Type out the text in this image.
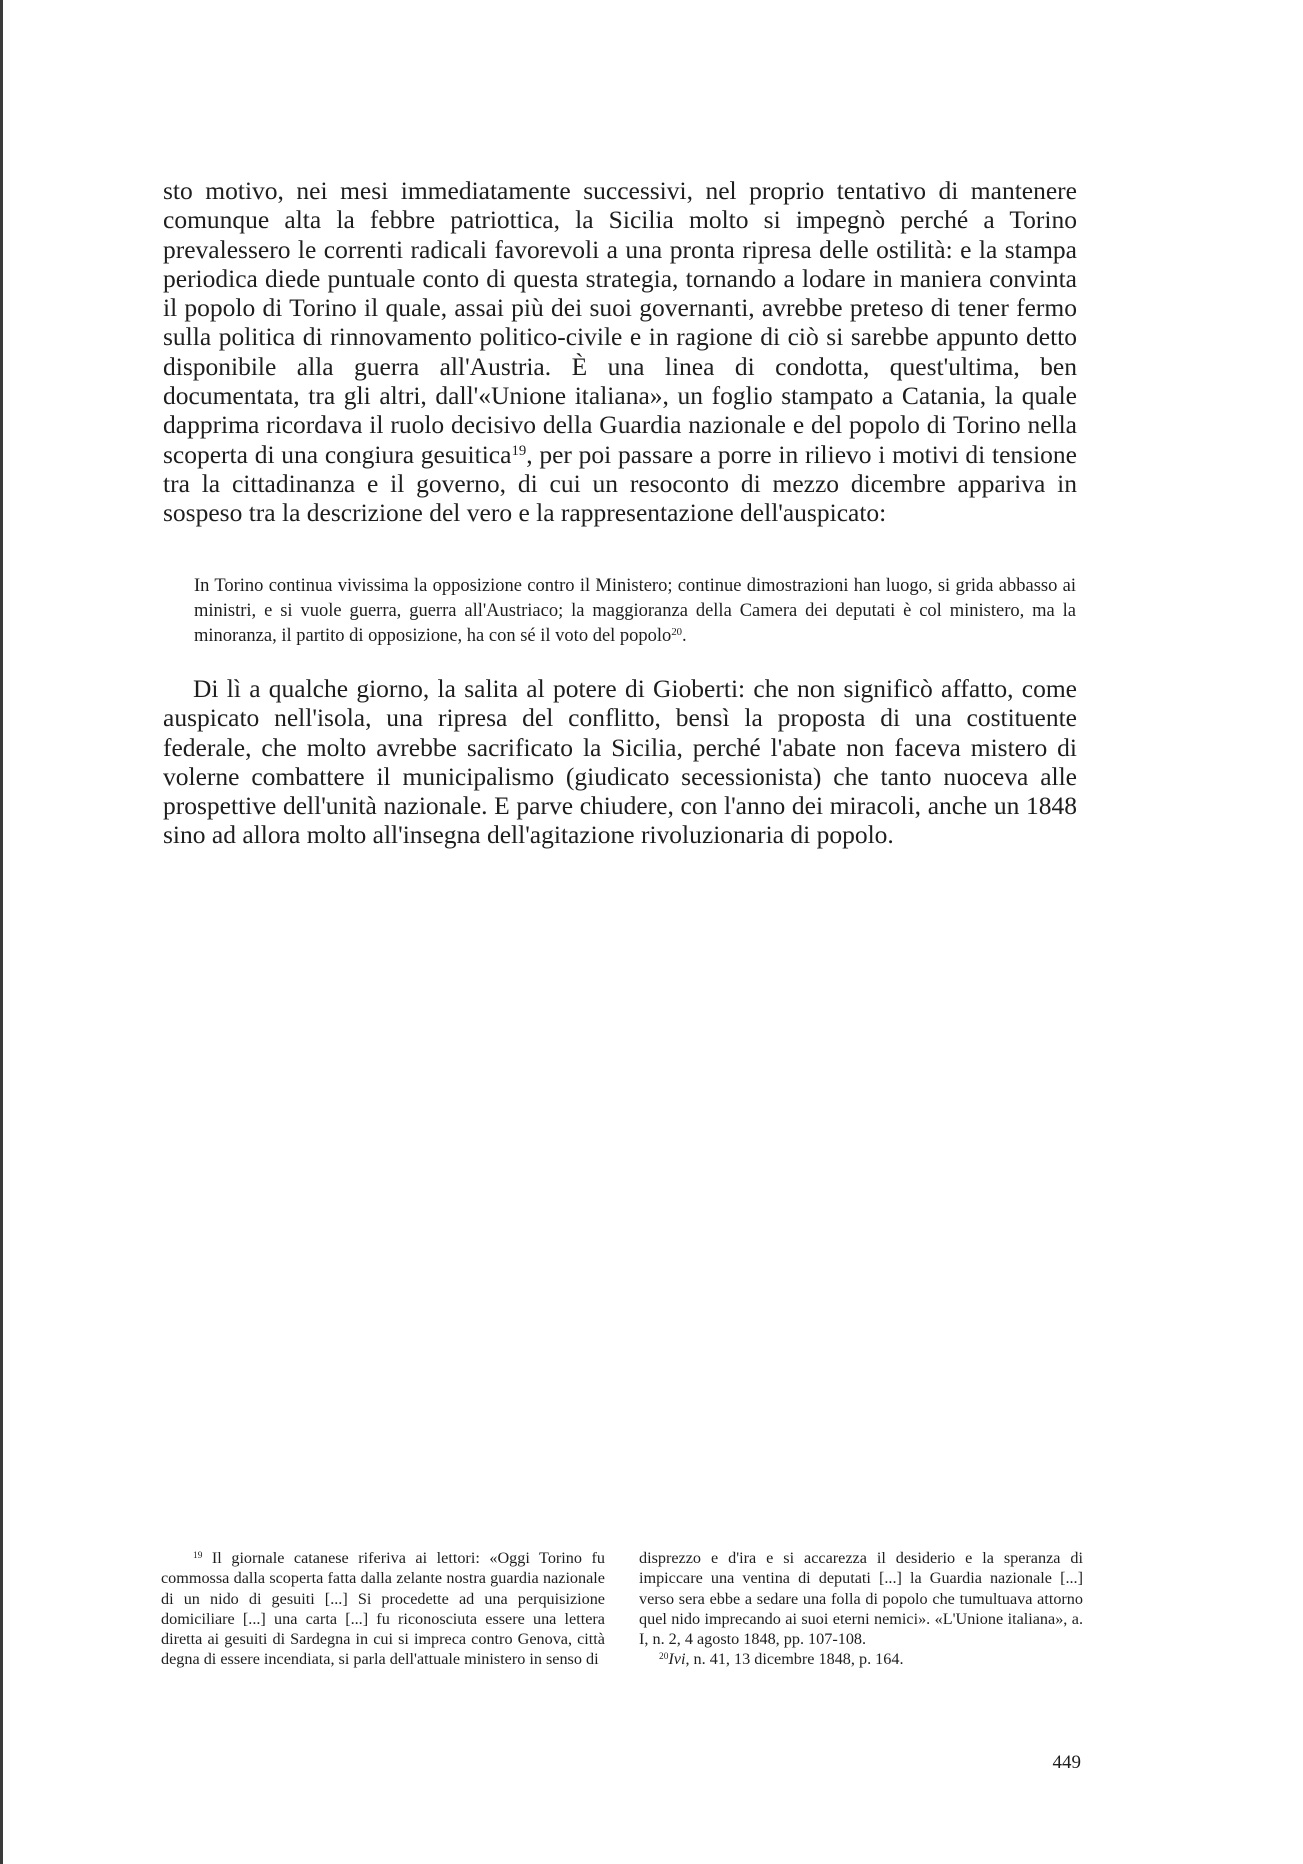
sto motivo, nei mesi immediatamente successivi, nel proprio tentativo di mantenere comunque alta la febbre patriottica, la Sicilia molto si impegnò perché a Torino prevalessero le correnti radicali favorevoli a una pronta ripresa delle ostilità: e la stampa periodica diede puntuale conto di questa strategia, tornando a lodare in maniera convinta il popolo di Torino il quale, assai più dei suoi governanti, avrebbe preteso di tener fermo sulla politica di rinnovamento politico-civile e in ragione di ciò si sarebbe appunto detto disponibile alla guerra all'Austria. È una linea di condotta, quest'ultima, ben documentata, tra gli altri, dall'«Unione italiana», un foglio stampato a Catania, la quale dapprima ricordava il ruolo decisivo della Guardia nazionale e del popolo di Torino nella scoperta di una congiura gesuitica$^{19}$, per poi passare a porre in rilievo i motivi di tensione tra la cittadinanza e il governo, di cui un resoconto di mezzo dicembre appariva in sospeso tra la descrizione del vero e la rappresentazione dell'auspicato:

In Torino continua vivissima la opposizione contro il Ministero; continue dimostrazioni han luogo, si grida abbasso ai ministri, e si vuole guerra, guerra all'Austriaco; la maggioranza della Camera dei deputati è col ministero, ma la minoranza, il partito di opposizione, ha con sé il voto del popolo$^{20}$.

Di lì a qualche giorno, la salita al potere di Gioberti: che non significò affatto, come auspicato nell'isola, una ripresa del conflitto, bensì la proposta di una costituente federale, che molto avrebbe sacrificato la Sicilia, perché l'abate non faceva mistero di volerne combattere il municipalismo (giudicato secessionista) che tanto nuoceva alle prospettive dell'unità nazionale. E parve chiudere, con l'anno dei miracoli, anche un 1848 sino ad allora molto all'insegna dell'agitazione rivoluzionaria di popolo.

$^{19}$ Il giornale catanese riferiva ai lettori: «Oggi Torino fu commossa dalla scoperta fatta dalla zelante nostra guardia nazionale di un nido di gesuiti [...] Si procedette ad una perquisizione domiciliare [...] una carta [...] fu riconosciuta essere una lettera diretta ai gesuiti di Sardegna in cui si impreca contro Genova, città degna di essere incendiata, si parla dell'attuale ministero in senso di

disprezzo e d'ira e si accarezza il desiderio e la speranza di impiccare una ventina di deputati [...] la Guardia nazionale [...] verso sera ebbe a sedare una folla di popolo che tumultuava attorno quel nido imprecando ai suoi eterni nemici». «L'Unione italiana», a. I, n. 2, 4 agosto 1848, pp. 107-108.

$^{20}$Ivi, n. 41, 13 dicembre 1848, p. 164.

449
